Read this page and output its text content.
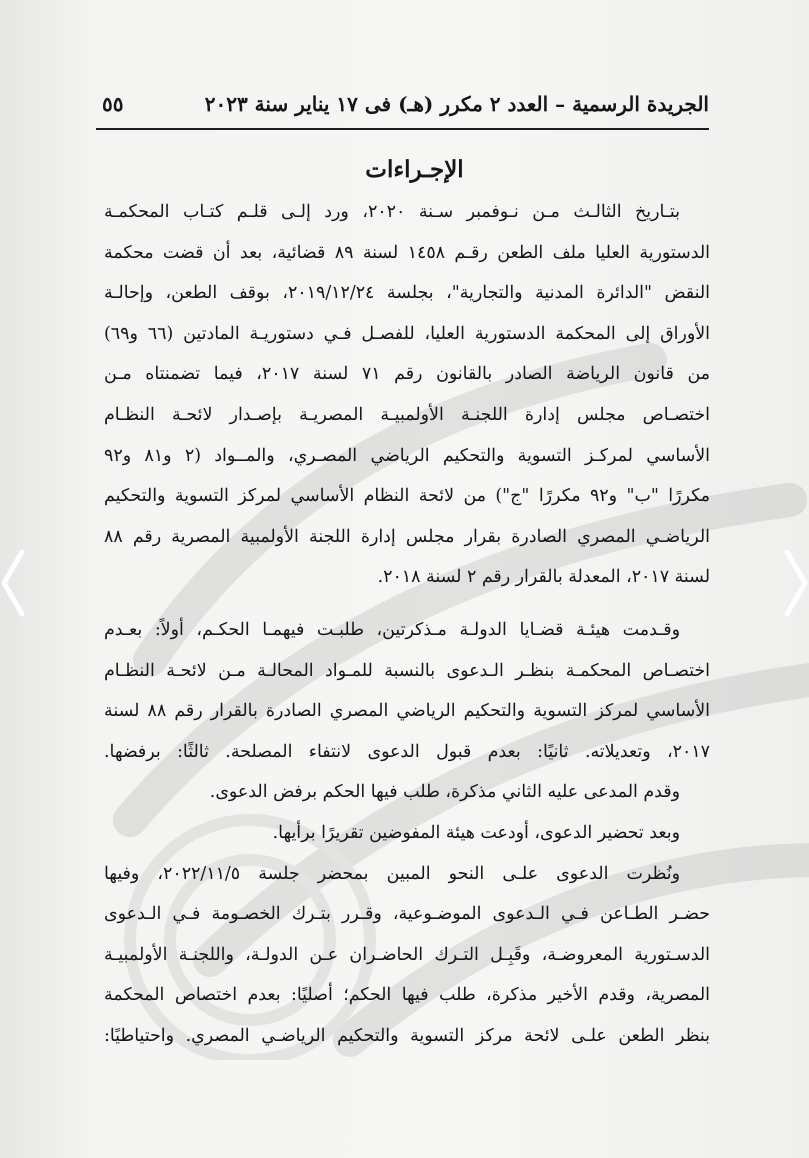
الجريدة الرسمية – العدد ٢ مكرر (هـ) فى ١٧ يناير سنة ٢٠٢٣
٥٥
الإجـراءات
بتـاريخ الثالـث مـن نـوفمبر سـنة ٢٠٢٠، ورد إلـى قلـم كتـاب المحكمـة
الدستورية العليا ملف الطعن رقـم ١٤٥٨ لسنة ٨٩ قضائية، بعد أن قضت محكمة
النقض "الدائرة المدنية والتجارية"، بجلسة ٢٠١٩/١٢/٢٤، بوقف الطعن، وإحالـة
الأوراق إلى المحكمة الدستورية العليا، للفصـل فـي دستوريـة المادتين (٦٦ و٦٩)
من قانون الرياضة الصادر بالقانون رقم ٧١ لسنة ٢٠١٧، فيما تضمنتاه مـن
اختصـاص مجلس إدارة اللجنـة الأولمبيـة المصريـة بإصـدار لائحـة النظـام
الأساسي لمركـز التسوية والتحكيم الرياضي المصـري، والمــواد (٢ و٨١ و٩٢
مكررًا "ب" و٩٢ مكررًا "ج") من لائحة النظام الأساسي لمركز التسوية والتحكيم
الرياضـي المصري الصادرة بقرار مجلس إدارة اللجنة الأولمبية المصرية رقم ٨٨
لسنة ٢٠١٧، المعدلة بالقرار رقم ٢ لسنة ٢٠١٨.
وقـدمت هيئـة قضـايا الدولـة مـذكرتين، طلبـت فيهمـا الحكـم، أولاً: بعـدم
اختصـاص المحكمـة بنظـر الـدعوى بالنسبة للمـواد المحالـة مـن لائحـة النظـام
الأساسي لمركز التسوية والتحكيم الرياضي المصري الصادرة بالقرار رقم ٨٨ لسنة
٢٠١٧، وتعديلاته. ثانيًا: بعدم قبول الدعوى لانتفاء المصلحة. ثالثًا: برفضها.
وقدم المدعى عليه الثاني مذكرة، طلب فيها الحكم برفض الدعوى.
وبعد تحضير الدعوى، أودعت هيئة المفوضين تقريرًا برأيها.
ونُظرت الدعوى علـى النحو المبين بمحضر جلسة ٢٠٢٢/١١/٥، وفيها
حضـر الطـاعن فـي الـدعوى الموضـوعية، وقـرر بتـرك الخصـومة فـي الـدعوى
الدسـتورية المعروضـة، وقَبِـل التـرك الحاضـران عـن الدولـة، واللجنـة الأولمبيـة
المصرية، وقدم الأخير مذكرة، طلب فيها الحكم؛ أصليًا: بعدم اختصاص المحكمة
بنظر الطعن علـى لائحة مركز التسوية والتحكيم الرياضـي المصري. واحتياطيًا:
